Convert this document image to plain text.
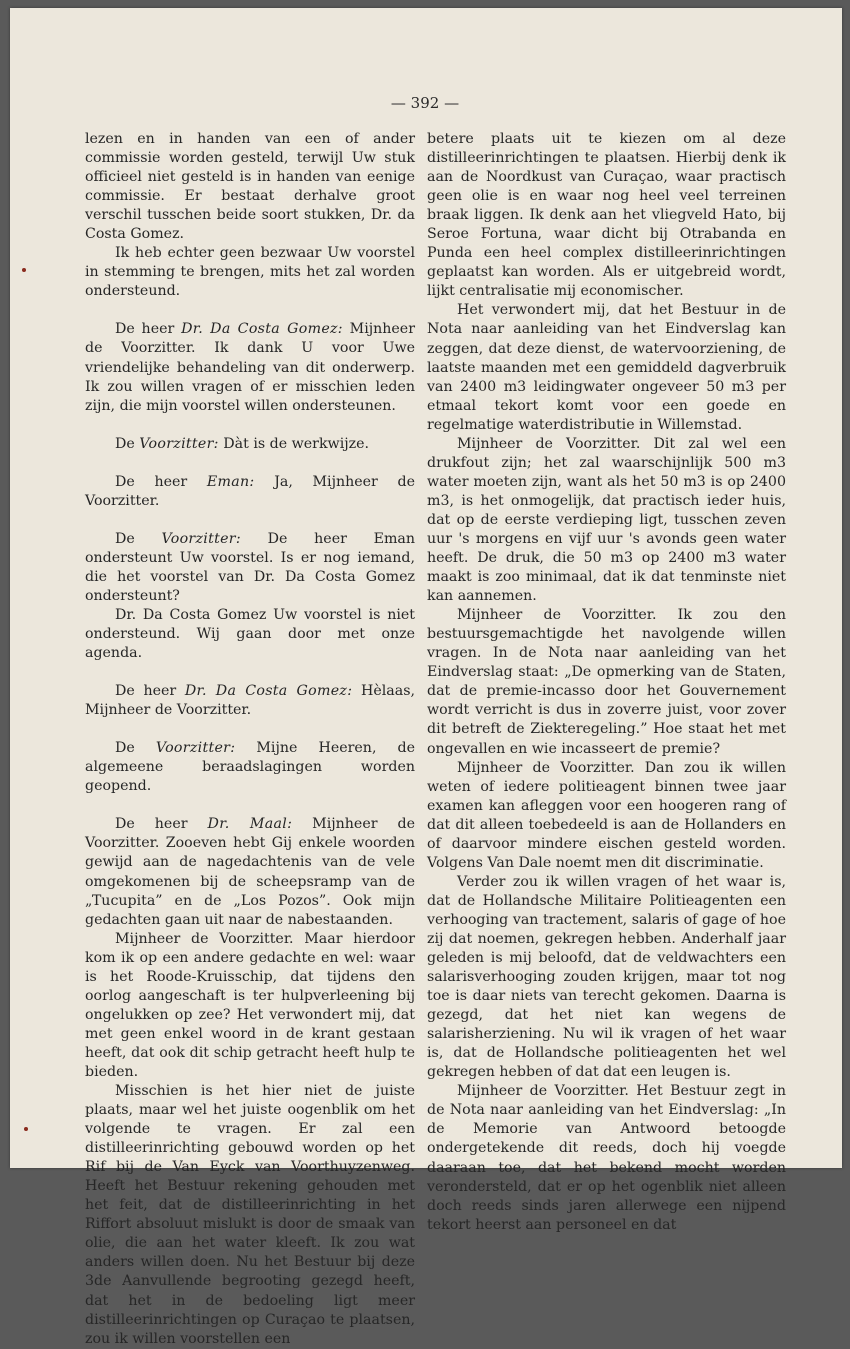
— 392 —

lezen en in handen van een of ander commissie worden gesteld, terwijl Uw stuk officieel niet gesteld is in handen van eenige commissie. Er bestaat derhalve groot verschil tusschen beide soort stukken, Dr. da Costa Gomez.

Ik heb echter geen bezwaar Uw voorstel in stemming te brengen, mits het zal worden ondersteund.

De heer Dr. Da Costa Gomez: Mijnheer de Voorzitter. Ik dank U voor Uwe vriendelijke behandeling van dit onderwerp. Ik zou willen vragen of er misschien leden zijn, die mijn voorstel willen ondersteunen.

De Voorzitter: Dàt is de werkwijze.

De heer Eman: Ja, Mijnheer de Voorzitter.

De Voorzitter: De heer Eman ondersteunt Uw voorstel. Is er nog iemand, die het voorstel van Dr. Da Costa Gomez ondersteunt?

Dr. Da Costa Gomez Uw voorstel is niet ondersteund. Wij gaan door met onze agenda.

De heer Dr. Da Costa Gomez: Hèlaas, Mijnheer de Voorzitter.

De Voorzitter: Mijne Heeren, de algemeene beraadslagingen worden geopend.

De heer Dr. Maal: Mijnheer de Voorzitter. Zooeven hebt Gij enkele woorden gewijd aan de nagedachtenis van de vele omgekomenen bij de scheepsramp van de „Tucupita” en de „Los Pozos”. Ook mijn gedachten gaan uit naar de nabestaanden.

Mijnheer de Voorzitter. Maar hierdoor kom ik op een andere gedachte en wel: waar is het Roode-Kruisschip, dat tijdens den oorlog aangeschaft is ter hulpverleening bij ongelukken op zee? Het verwondert mij, dat met geen enkel woord in de krant gestaan heeft, dat ook dit schip getracht heeft hulp te bieden.

Misschien is het hier niet de juiste plaats, maar wel het juiste oogenblik om het volgende te vragen. Er zal een distilleerinrichting gebouwd worden op het Rif bij de Van Eyck van Voorthuyzenweg. Heeft het Bestuur rekening gehouden met het feit, dat de distilleerinrichting in het Riffort absoluut mislukt is door de smaak van olie, die aan het water kleeft. Ik zou wat anders willen doen. Nu het Bestuur bij deze 3de Aanvullende begrooting gezegd heeft, dat het in de bedoeling ligt meer distilleerinrichtingen op Curaçao te plaatsen, zou ik willen voorstellen een

betere plaats uit te kiezen om al deze distilleerinrichtingen te plaatsen. Hierbij denk ik aan de Noordkust van Curaçao, waar practisch geen olie is en waar nog heel veel terreinen braak liggen. Ik denk aan het vliegveld Hato, bij Seroe Fortuna, waar dicht bij Otrabanda en Punda een heel complex distilleerinrichtingen geplaatst kan worden. Als er uitgebreid wordt, lijkt centralisatie mij economischer.

Het verwondert mij, dat het Bestuur in de Nota naar aanleiding van het Eindverslag kan zeggen, dat deze dienst, de watervoorziening, de laatste maanden met een gemiddeld dagverbruik van 2400 m3 leidingwater ongeveer 50 m3 per etmaal tekort komt voor een goede en regelmatige waterdistributie in Willemstad.

Mijnheer de Voorzitter. Dit zal wel een drukfout zijn; het zal waarschijnlijk 500 m3 water moeten zijn, want als het 50 m3 is op 2400 m3, is het onmogelijk, dat practisch ieder huis, dat op de eerste verdieping ligt, tusschen zeven uur 's morgens en vijf uur 's avonds geen water heeft. De druk, die 50 m3 op 2400 m3 water maakt is zoo minimaal, dat ik dat tenminste niet kan aannemen.

Mijnheer de Voorzitter. Ik zou den bestuursgemachtigde het navolgende willen vragen. In de Nota naar aanleiding van het Eindverslag staat: „De opmerking van de Staten, dat de premie-incasso door het Gouvernement wordt verricht is dus in zoverre juist, voor zover dit betreft de Ziekteregeling.” Hoe staat het met ongevallen en wie incasseert de premie?

Mijnheer de Voorzitter. Dan zou ik willen weten of iedere politieagent binnen twee jaar examen kan afleggen voor een hoogeren rang of dat dit alleen toebedeeld is aan de Hollanders en of daarvoor mindere eischen gesteld worden. Volgens Van Dale noemt men dit discriminatie.

Verder zou ik willen vragen of het waar is, dat de Hollandsche Militaire Politieagenten een verhooging van tractement, salaris of gage of hoe zij dat noemen, gekregen hebben. Anderhalf jaar geleden is mij beloofd, dat de veldwachters een salarisverhooging zouden krijgen, maar tot nog toe is daar niets van terecht gekomen. Daarna is gezegd, dat het niet kan wegens de salarisherziening. Nu wil ik vragen of het waar is, dat de Hollandsche politieagenten het wel gekregen hebben of dat dat een leugen is.

Mijnheer de Voorzitter. Het Bestuur zegt in de Nota naar aanleiding van het Eindverslag: „In de Memorie van Antwoord betoogde ondergetekende dit reeds, doch hij voegde daaraan toe, dat het bekend mocht worden verondersteld, dat er op het ogenblik niet alleen doch reeds sinds jaren allerwege een nijpend tekort heerst aan personeel en dat
